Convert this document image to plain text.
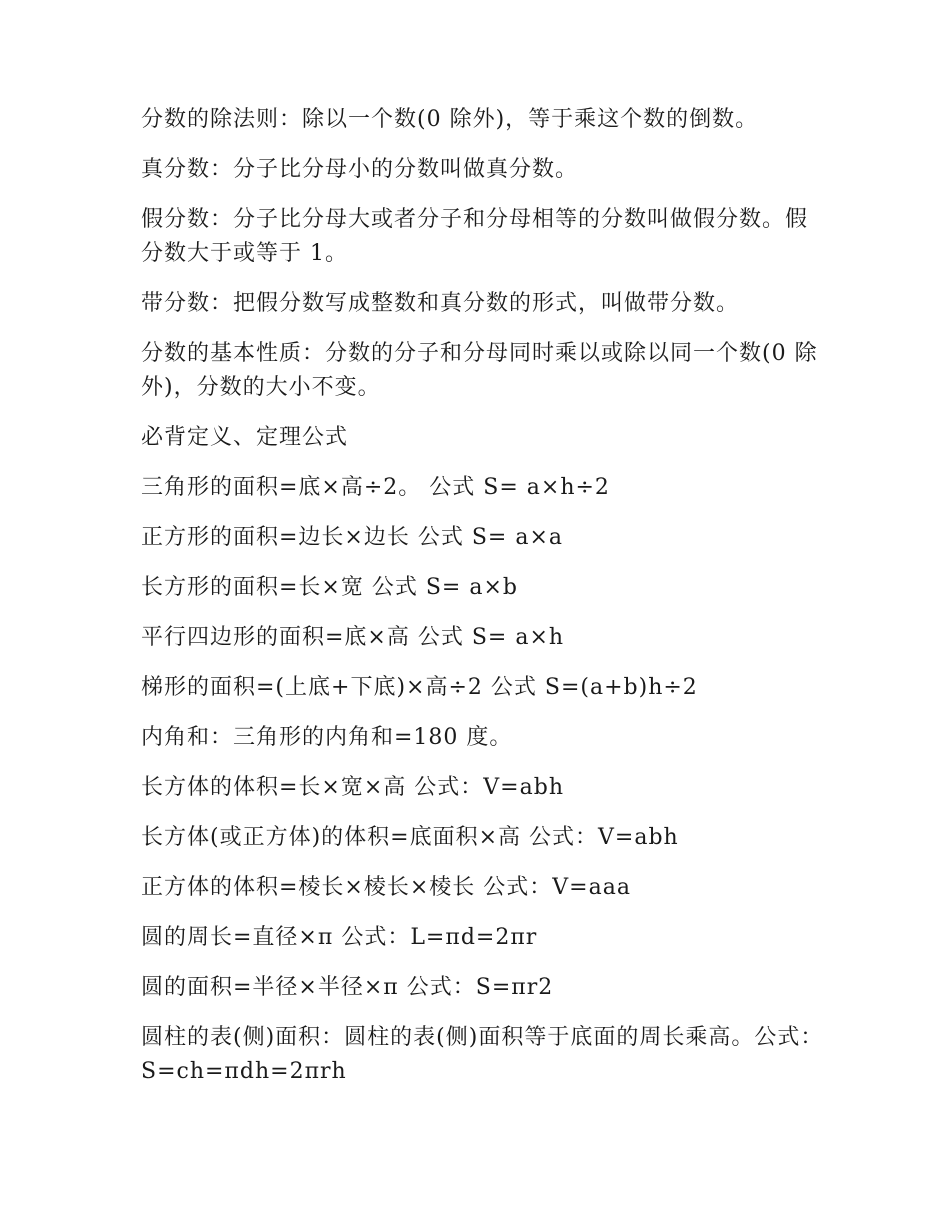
分数的除法则：除以一个数(0 除外)，等于乘这个数的倒数。

真分数：分子比分母小的分数叫做真分数。

假分数：分子比分母大或者分子和分母相等的分数叫做假分数。假分数大于或等于 1。

带分数：把假分数写成整数和真分数的形式，叫做带分数。

分数的基本性质：分数的分子和分母同时乘以或除以同一个数(0 除外)，分数的大小不变。

必背定义、定理公式

三角形的面积=底×高÷2。 公式 S= a×h÷2

正方形的面积=边长×边长 公式 S= a×a

长方形的面积=长×宽 公式 S= a×b

平行四边形的面积=底×高 公式 S= a×h

梯形的面积=(上底+下底)×高÷2 公式 S=(a+b)h÷2

内角和：三角形的内角和=180 度。

长方体的体积=长×宽×高 公式：V=abh

长方体(或正方体)的体积=底面积×高 公式：V=abh

正方体的体积=棱长×棱长×棱长 公式：V=aaa

圆的周长=直径×π 公式：L=πd=2πr

圆的面积=半径×半径×π 公式：S=πr2

圆柱的表(侧)面积：圆柱的表(侧)面积等于底面的周长乘高。公式：S=ch=πdh=2πrh
